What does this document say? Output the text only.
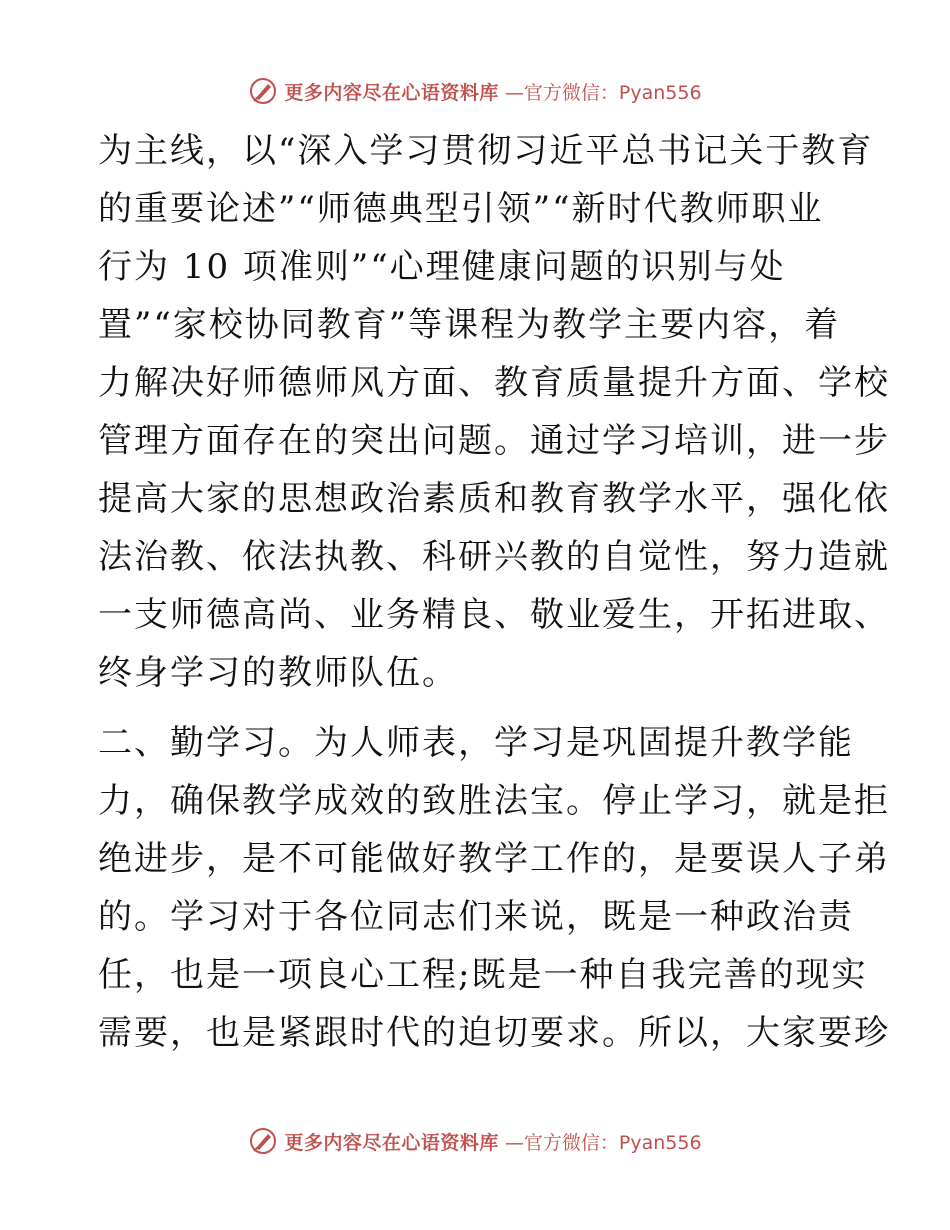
更多内容尽在心语资料库 —官方微信：Pyan556
为主线，以“深入学习贯彻习近平总书记关于教育
的重要论述”“师德典型引领”“新时代教师职业
行为 10 项准则”“心理健康问题的识别与处
置”“家校协同教育”等课程为教学主要内容，着
力解决好师德师风方面、教育质量提升方面、学校
管理方面存在的突出问题。通过学习培训，进一步
提高大家的思想政治素质和教育教学水平，强化依
法治教、依法执教、科研兴教的自觉性，努力造就
一支师德高尚、业务精良、敬业爱生，开拓进取、
终身学习的教师队伍。
二、勤学习。为人师表，学习是巩固提升教学能
力，确保教学成效的致胜法宝。停止学习，就是拒
绝进步，是不可能做好教学工作的，是要误人子弟
的。学习对于各位同志们来说，既是一种政治责
任，也是一项良心工程;既是一种自我完善的现实
需要，也是紧跟时代的迫切要求。所以，大家要珍
更多内容尽在心语资料库 —官方微信：Pyan556
